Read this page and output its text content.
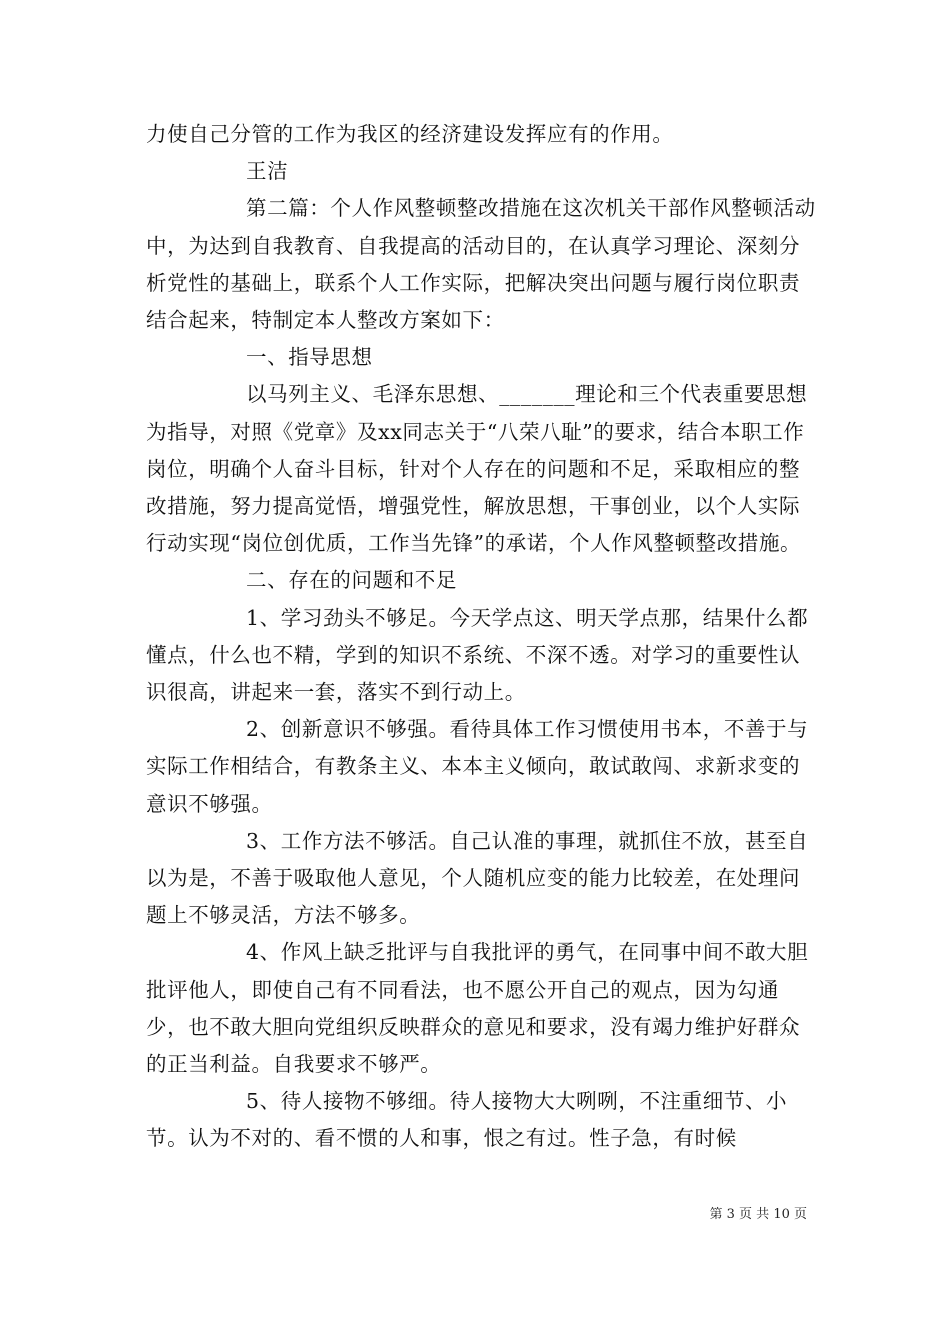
力使自己分管的工作为我区的经济建设发挥应有的作用。

王洁

第二篇：个人作风整顿整改措施在这次机关干部作风整顿活动中，为达到自我教育、自我提高的活动目的，在认真学习理论、深刻分析党性的基础上，联系个人工作实际，把解决突出问题与履行岗位职责结合起来，特制定本人整改方案如下：

一、指导思想

以马列主义、毛泽东思想、_______理论和三个代表重要思想为指导，对照《党章》及xx同志关于“八荣八耻”的要求，结合本职工作岗位，明确个人奋斗目标，针对个人存在的问题和不足，采取相应的整改措施，努力提高觉悟，增强党性，解放思想，干事创业，以个人实际行动实现“岗位创优质，工作当先锋”的承诺，个人作风整顿整改措施。

二、存在的问题和不足

1、学习劲头不够足。今天学点这、明天学点那，结果什么都懂点，什么也不精，学到的知识不系统、不深不透。对学习的重要性认识很高，讲起来一套，落实不到行动上。

2、创新意识不够强。看待具体工作习惯使用书本，不善于与实际工作相结合，有教条主义、本本主义倾向，敢试敢闯、求新求变的意识不够强。

3、工作方法不够活。自己认准的事理，就抓住不放，甚至自以为是，不善于吸取他人意见，个人随机应变的能力比较差，在处理问题上不够灵活，方法不够多。

4、作风上缺乏批评与自我批评的勇气，在同事中间不敢大胆批评他人，即使自己有不同看法，也不愿公开自己的观点，因为勾通少，也不敢大胆向党组织反映群众的意见和要求，没有竭力维护好群众的正当利益。自我要求不够严。

5、待人接物不够细。待人接物大大咧咧，不注重细节、小节。认为不对的、看不惯的人和事，恨之有过。性子急，有时候

第 3 页 共 10 页
